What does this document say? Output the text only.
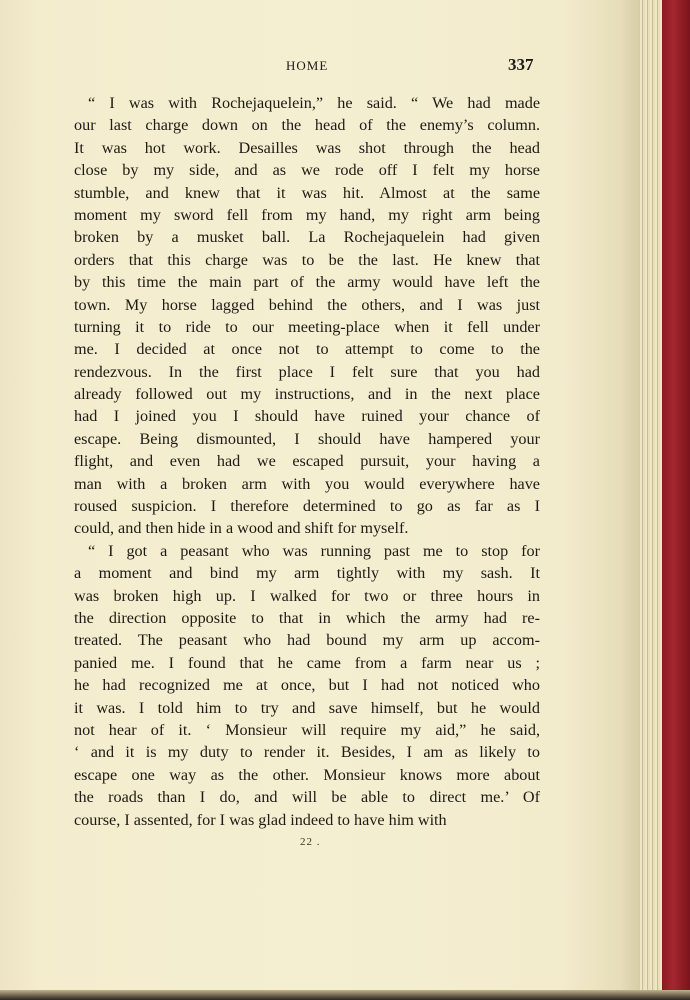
HOME	337
“ I was with Rochejaquelein,” he said. “ We had made
our last charge down on the head of the enemy’s column.
It was hot work. Desailles was shot through the head
close by my side, and as we rode off I felt my horse
stumble, and knew that it was hit. Almost at the same
moment my sword fell from my hand, my right arm being
broken by a musket ball. La Rochejaquelein had given
orders that this charge was to be the last. He knew that
by this time the main part of the army would have left the
town. My horse lagged behind the others, and I was just
turning it to ride to our meeting-place when it fell under
me. I decided at once not to attempt to come to the
rendezvous. In the first place I felt sure that you had
already followed out my instructions, and in the next place
had I joined you I should have ruined your chance of
escape. Being dismounted, I should have hampered your
flight, and even had we escaped pursuit, your having a
man with a broken arm with you would everywhere have
roused suspicion. I therefore determined to go as far as I
could, and then hide in a wood and shift for myself.
“ I got a peasant who was running past me to stop for
a moment and bind my arm tightly with my sash. It
was broken high up. I walked for two or three hours in
the direction opposite to that in which the army had re-
treated. The peasant who had bound my arm up accom-
panied me. I found that he came from a farm near us ;
he had recognized me at once, but I had not noticed who
it was. I told him to try and save himself, but he would
not hear of it. ‘ Monsieur will require my aid,” he said,
‘ and it is my duty to render it. Besides, I am as likely to
escape one way as the other. Monsieur knows more about
the roads than I do, and will be able to direct me.’ Of
course, I assented, for I was glad indeed to have him with
22 .
